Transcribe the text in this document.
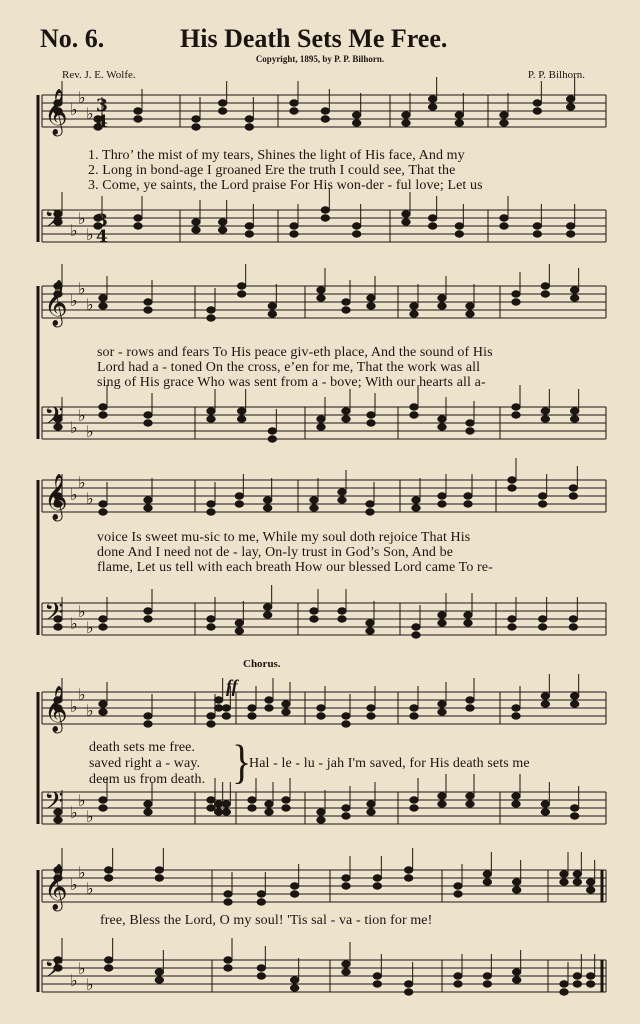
No. 6.	His Death Sets Me Free.
Copyright, 1895, by P. P. Bilhorn.
Rev. J. E. Wolfe.	P. P. Bilhorn.
𝄞
𝄢
♭
♭
♭
♭
♭
♭
3
4
3
4
𝄞
𝄢
♭
♭
♭
♭
♭
♭
𝄞
𝄢
♭
♭
♭
♭
♭
♭
𝄞
𝄢
♭
♭
♭
♭
♭
♭
𝄞
𝄢
♭
♭
♭
♭
♭
♭
1. Thro’ the mist of my tears, Shines the light of His face, And my
2. Long in bond-age I groaned Ere the truth I could see, That the
3. Come, ye saints, the Lord praise For His won-der - ful love; Let us
sor - rows and fears To His peace giv-eth place, And the sound of His
Lord had a - toned On the cross, e’en for me, That the work was all
sing of His grace Who was sent from a - bove; With our hearts all a-
voice Is sweet mu-sic to me, While my soul doth rejoice That His
done And I need not de - lay, On-ly trust in God’s Son, And be
flame, Let us tell with each breath How our blessed Lord came To re-
death sets me free.
saved right a - way.
deem us from death. }
Hal - le - lu - jah I'm saved, for His death sets me
Chorus.
ff
free, Bless the Lord, O my soul! 'Tis sal - va - tion for me!
